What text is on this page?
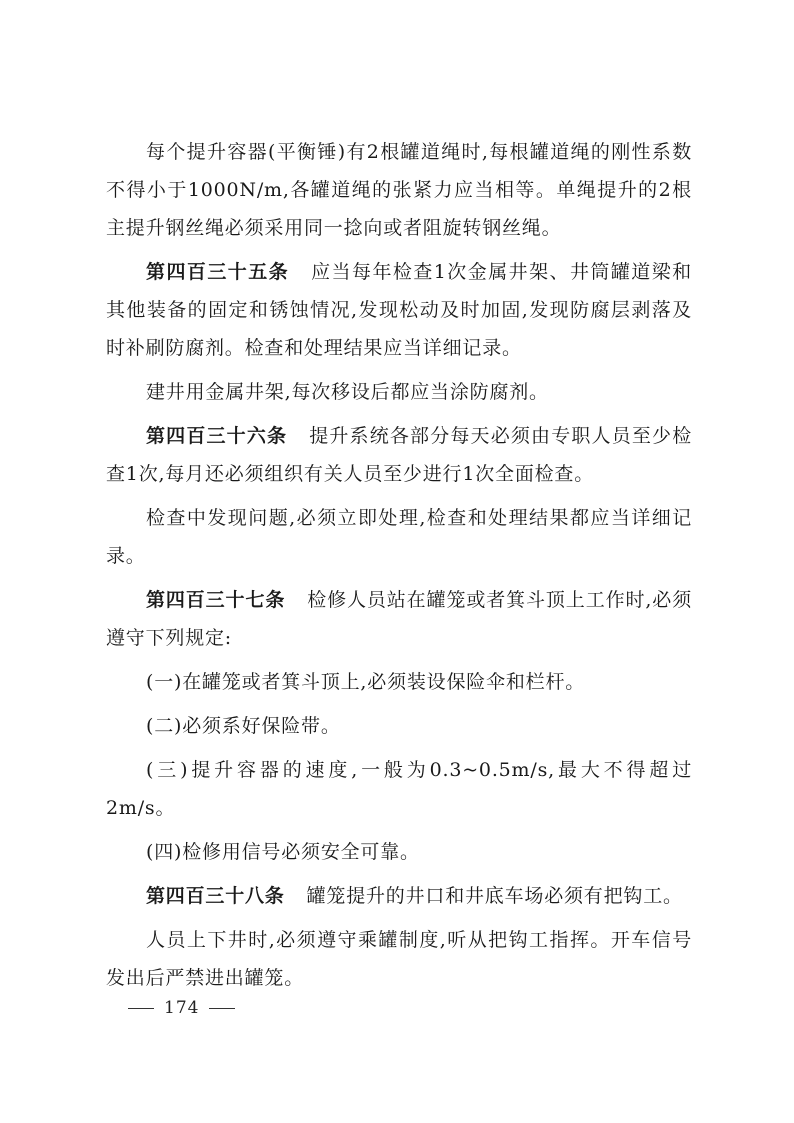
每个提升容器(平衡锤)有2根罐道绳时,每根罐道绳的刚性系数不得小于1000N/m,各罐道绳的张紧力应当相等。单绳提升的2根主提升钢丝绳必须采用同一捻向或者阻旋转钢丝绳。

第四百三十五条 应当每年检查1次金属井架、井筒罐道梁和其他装备的固定和锈蚀情况,发现松动及时加固,发现防腐层剥落及时补刷防腐剂。检查和处理结果应当详细记录。

建井用金属井架,每次移设后都应当涂防腐剂。

第四百三十六条 提升系统各部分每天必须由专职人员至少检查1次,每月还必须组织有关人员至少进行1次全面检查。

检查中发现问题,必须立即处理,检查和处理结果都应当详细记录。

第四百三十七条 检修人员站在罐笼或者箕斗顶上工作时,必须遵守下列规定:

(一)在罐笼或者箕斗顶上,必须装设保险伞和栏杆。

(二)必须系好保险带。

(三)提升容器的速度,一般为0.3~0.5m/s,最大不得超过2m/s。

(四)检修用信号必须安全可靠。

第四百三十八条 罐笼提升的井口和井底车场必须有把钩工。

人员上下井时,必须遵守乘罐制度,听从把钩工指挥。开车信号发出后严禁进出罐笼。

174
